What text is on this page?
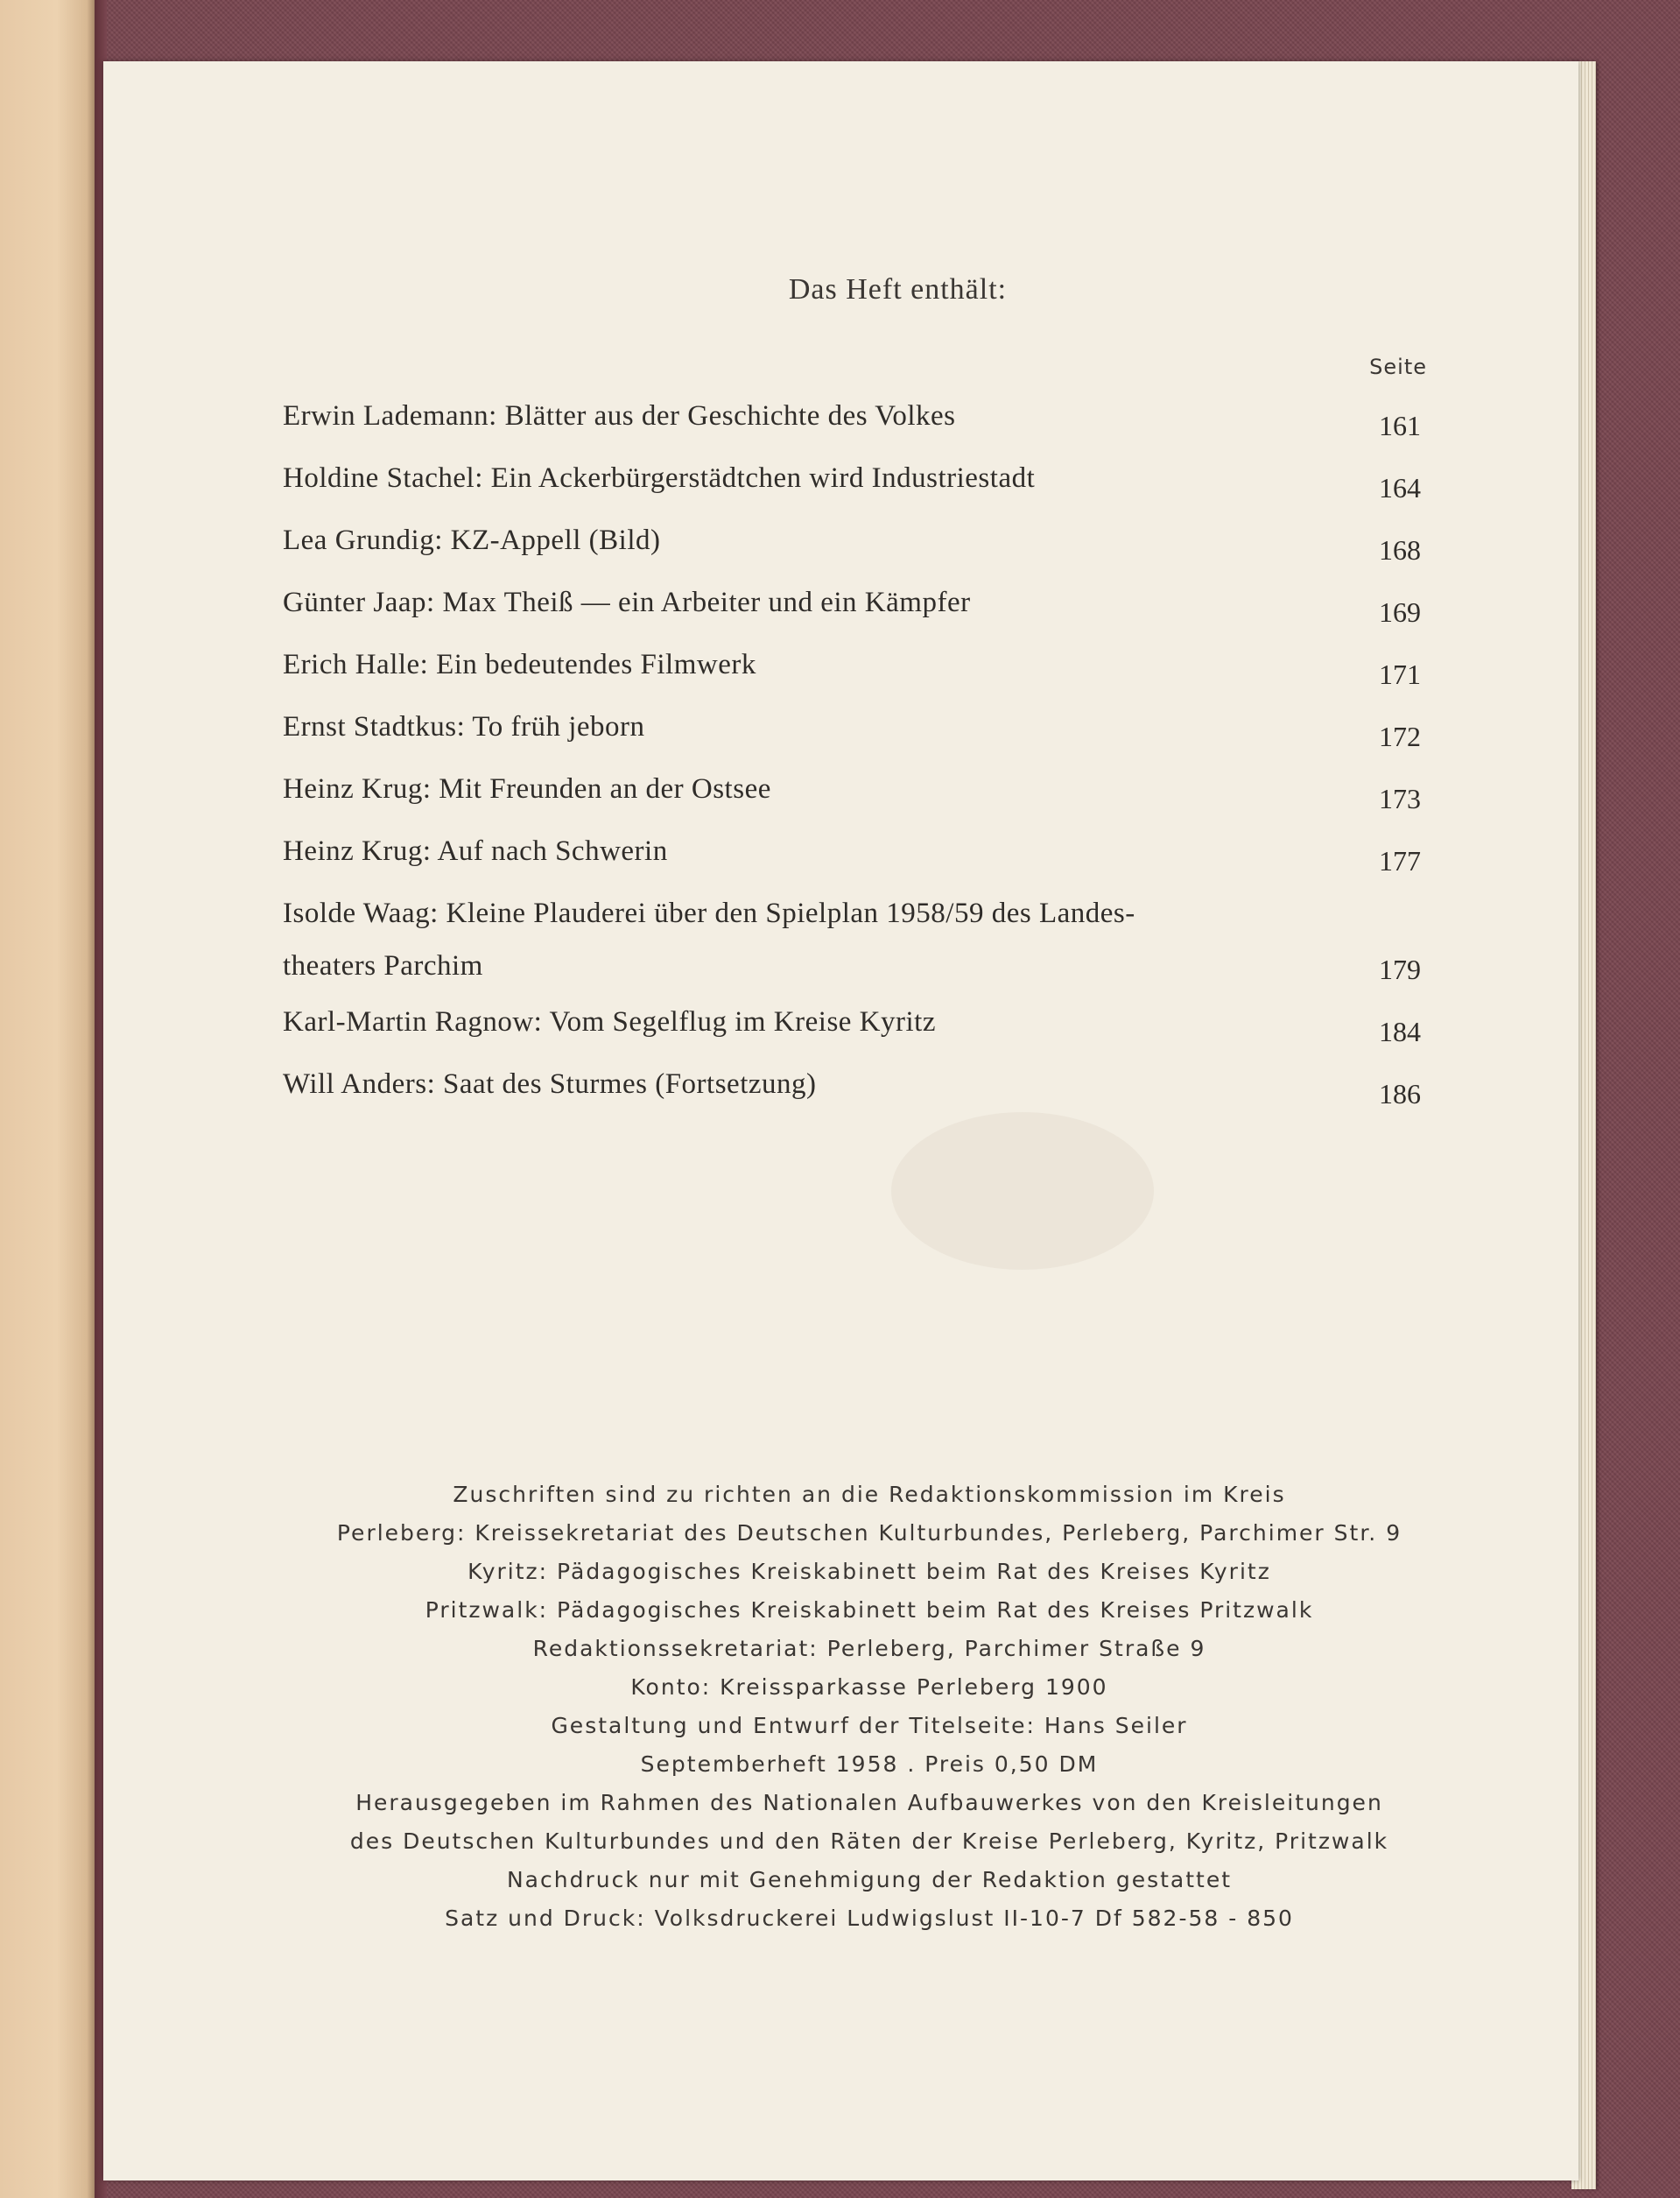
Das Heft enthält:
Seite
Erwin Lademann: Blätter aus der Geschichte des Volkes	161
Holdine Stachel: Ein Ackerbürgerstädtchen wird Industriestadt	164
Lea Grundig: KZ-Appell (Bild)	168
Günter Jaap: Max Theiß — ein Arbeiter und ein Kämpfer	169
Erich Halle: Ein bedeutendes Filmwerk	171
Ernst Stadtkus: To früh jeborn	172
Heinz Krug: Mit Freunden an der Ostsee	173
Heinz Krug: Auf nach Schwerin	177
Isolde Waag: Kleine Plauderei über den Spielplan 1958/59 des Landes-
theaters Parchim	179
Karl-Martin Ragnow: Vom Segelflug im Kreise Kyritz	184
Will Anders: Saat des Sturmes (Fortsetzung)	186
Zuschriften sind zu richten an die Redaktionskommission im Kreis
Perleberg: Kreissekretariat des Deutschen Kulturbundes, Perleberg, Parchimer Str. 9
Kyritz: Pädagogisches Kreiskabinett beim Rat des Kreises Kyritz
Pritzwalk: Pädagogisches Kreiskabinett beim Rat des Kreises Pritzwalk
Redaktionssekretariat: Perleberg, Parchimer Straße 9
Konto: Kreissparkasse Perleberg 1900
Gestaltung und Entwurf der Titelseite: Hans Seiler
Septemberheft 1958 . Preis 0,50 DM
Herausgegeben im Rahmen des Nationalen Aufbauwerkes von den Kreisleitungen
des Deutschen Kulturbundes und den Räten der Kreise Perleberg, Kyritz, Pritzwalk
Nachdruck nur mit Genehmigung der Redaktion gestattet
Satz und Druck: Volksdruckerei Ludwigslust II-10-7 Df 582-58 - 850
